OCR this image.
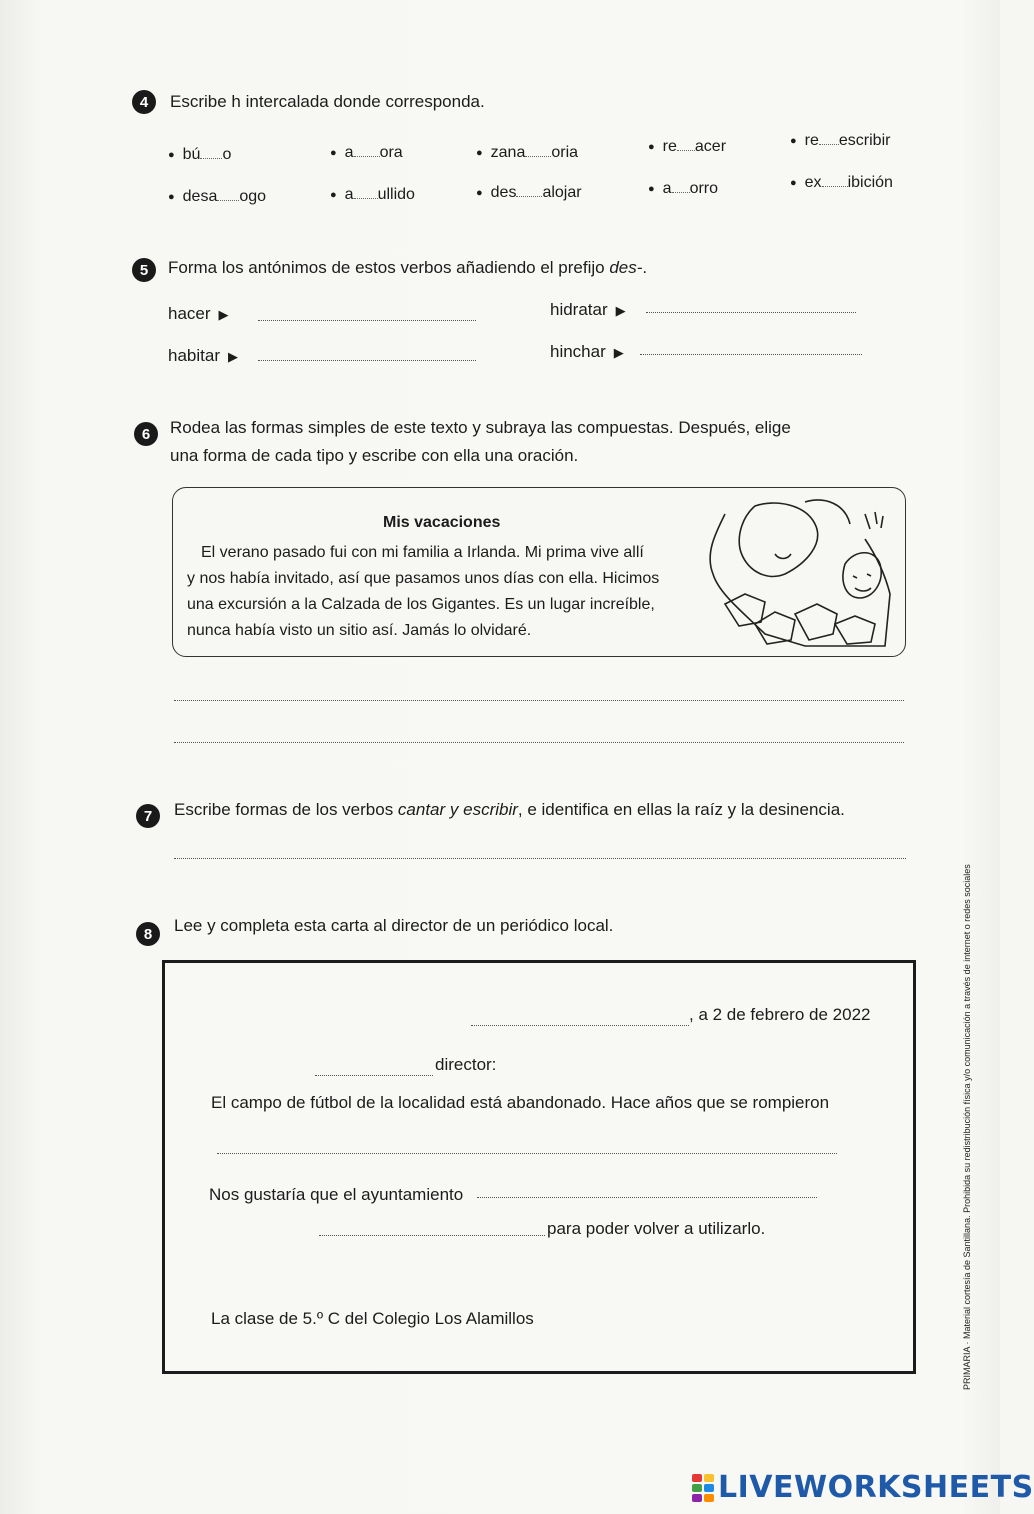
4	Escribe h intercalada donde corresponda.
● bú o	● a ora	● zana oria	● re acer	● re escribir
● desa ogo	● a ullido	● des alojar	● a orro	● ex ibición
5	Forma los antónimos de estos verbos añadiendo el prefijo des-.
hacer ▶	hidratar ▶
habitar ▶	hinchar ▶
6	Rodea las formas simples de este texto y subraya las compuestas. Después, elige
una forma de cada tipo y escribe con ella una oración.
Mis vacaciones
El verano pasado fui con mi familia a Irlanda. Mi prima vive allí
y nos había invitado, así que pasamos unos días con ella. Hicimos
una excursión a la Calzada de los Gigantes. Es un lugar increíble,
nunca había visto un sitio así. Jamás lo olvidaré.
7	Escribe formas de los verbos cantar y escribir, e identifica en ellas la raíz y la desinencia.
8	Lee y completa esta carta al director de un periódico local.
, a 2 de febrero de 2022
director:
El campo de fútbol de la localidad está abandonado. Hace años que se rompieron
Nos gustaría que el ayuntamiento
para poder volver a utilizarlo.
La clase de 5.º C del Colegio Los Alamillos	PRIMARIA · Material cortesía de Santillana. Prohibida su redistribución física y/o comunicación a través de internet o redes sociales
LIVEWORKSHEETS
